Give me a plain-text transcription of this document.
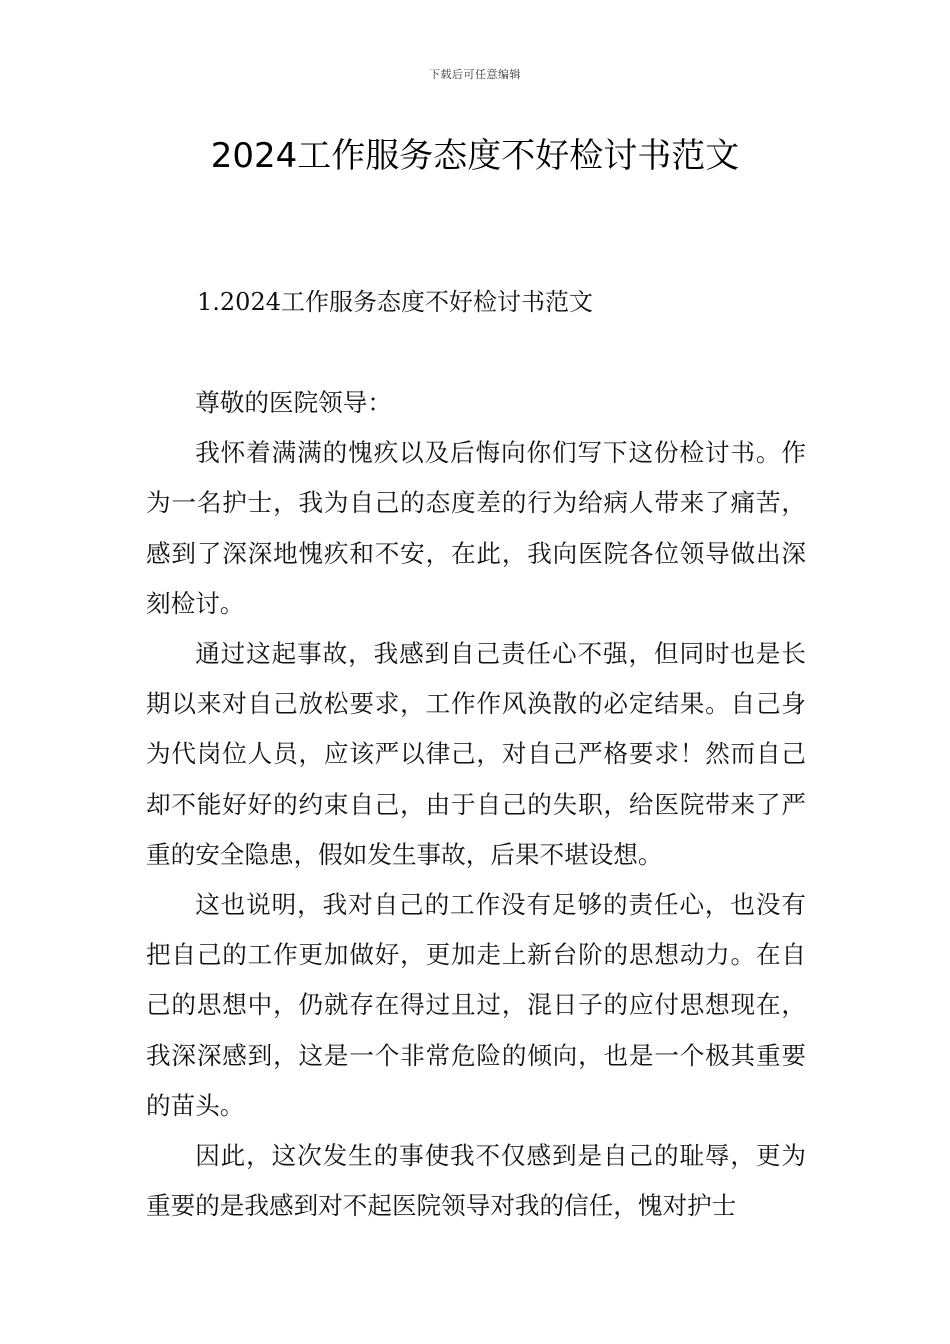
下载后可任意编辑
2024工作服务态度不好检讨书范文
1.2024工作服务态度不好检讨书范文

尊敬的医院领导：

我怀着满满的愧疚以及后悔向你们写下这份检讨书。作为一名护士，我为自己的态度差的行为给病人带来了痛苦，感到了深深地愧疚和不安，在此，我向医院各位领导做出深刻检讨。

通过这起事故，我感到自己责任心不强，但同时也是长期以来对自己放松要求，工作作风涣散的必定结果。自己身为代岗位人员，应该严以律己，对自己严格要求！然而自己却不能好好的约束自己，由于自己的失职，给医院带来了严重的安全隐患，假如发生事故，后果不堪设想。

这也说明，我对自己的工作没有足够的责任心，也没有把自己的工作更加做好，更加走上新台阶的思想动力。在自己的思想中，仍就存在得过且过，混日子的应付思想现在，我深深感到，这是一个非常危险的倾向，也是一个极其重要的苗头。

因此，这次发生的事使我不仅感到是自己的耻辱，更为重要的是我感到对不起医院领导对我的信任，愧对护士
